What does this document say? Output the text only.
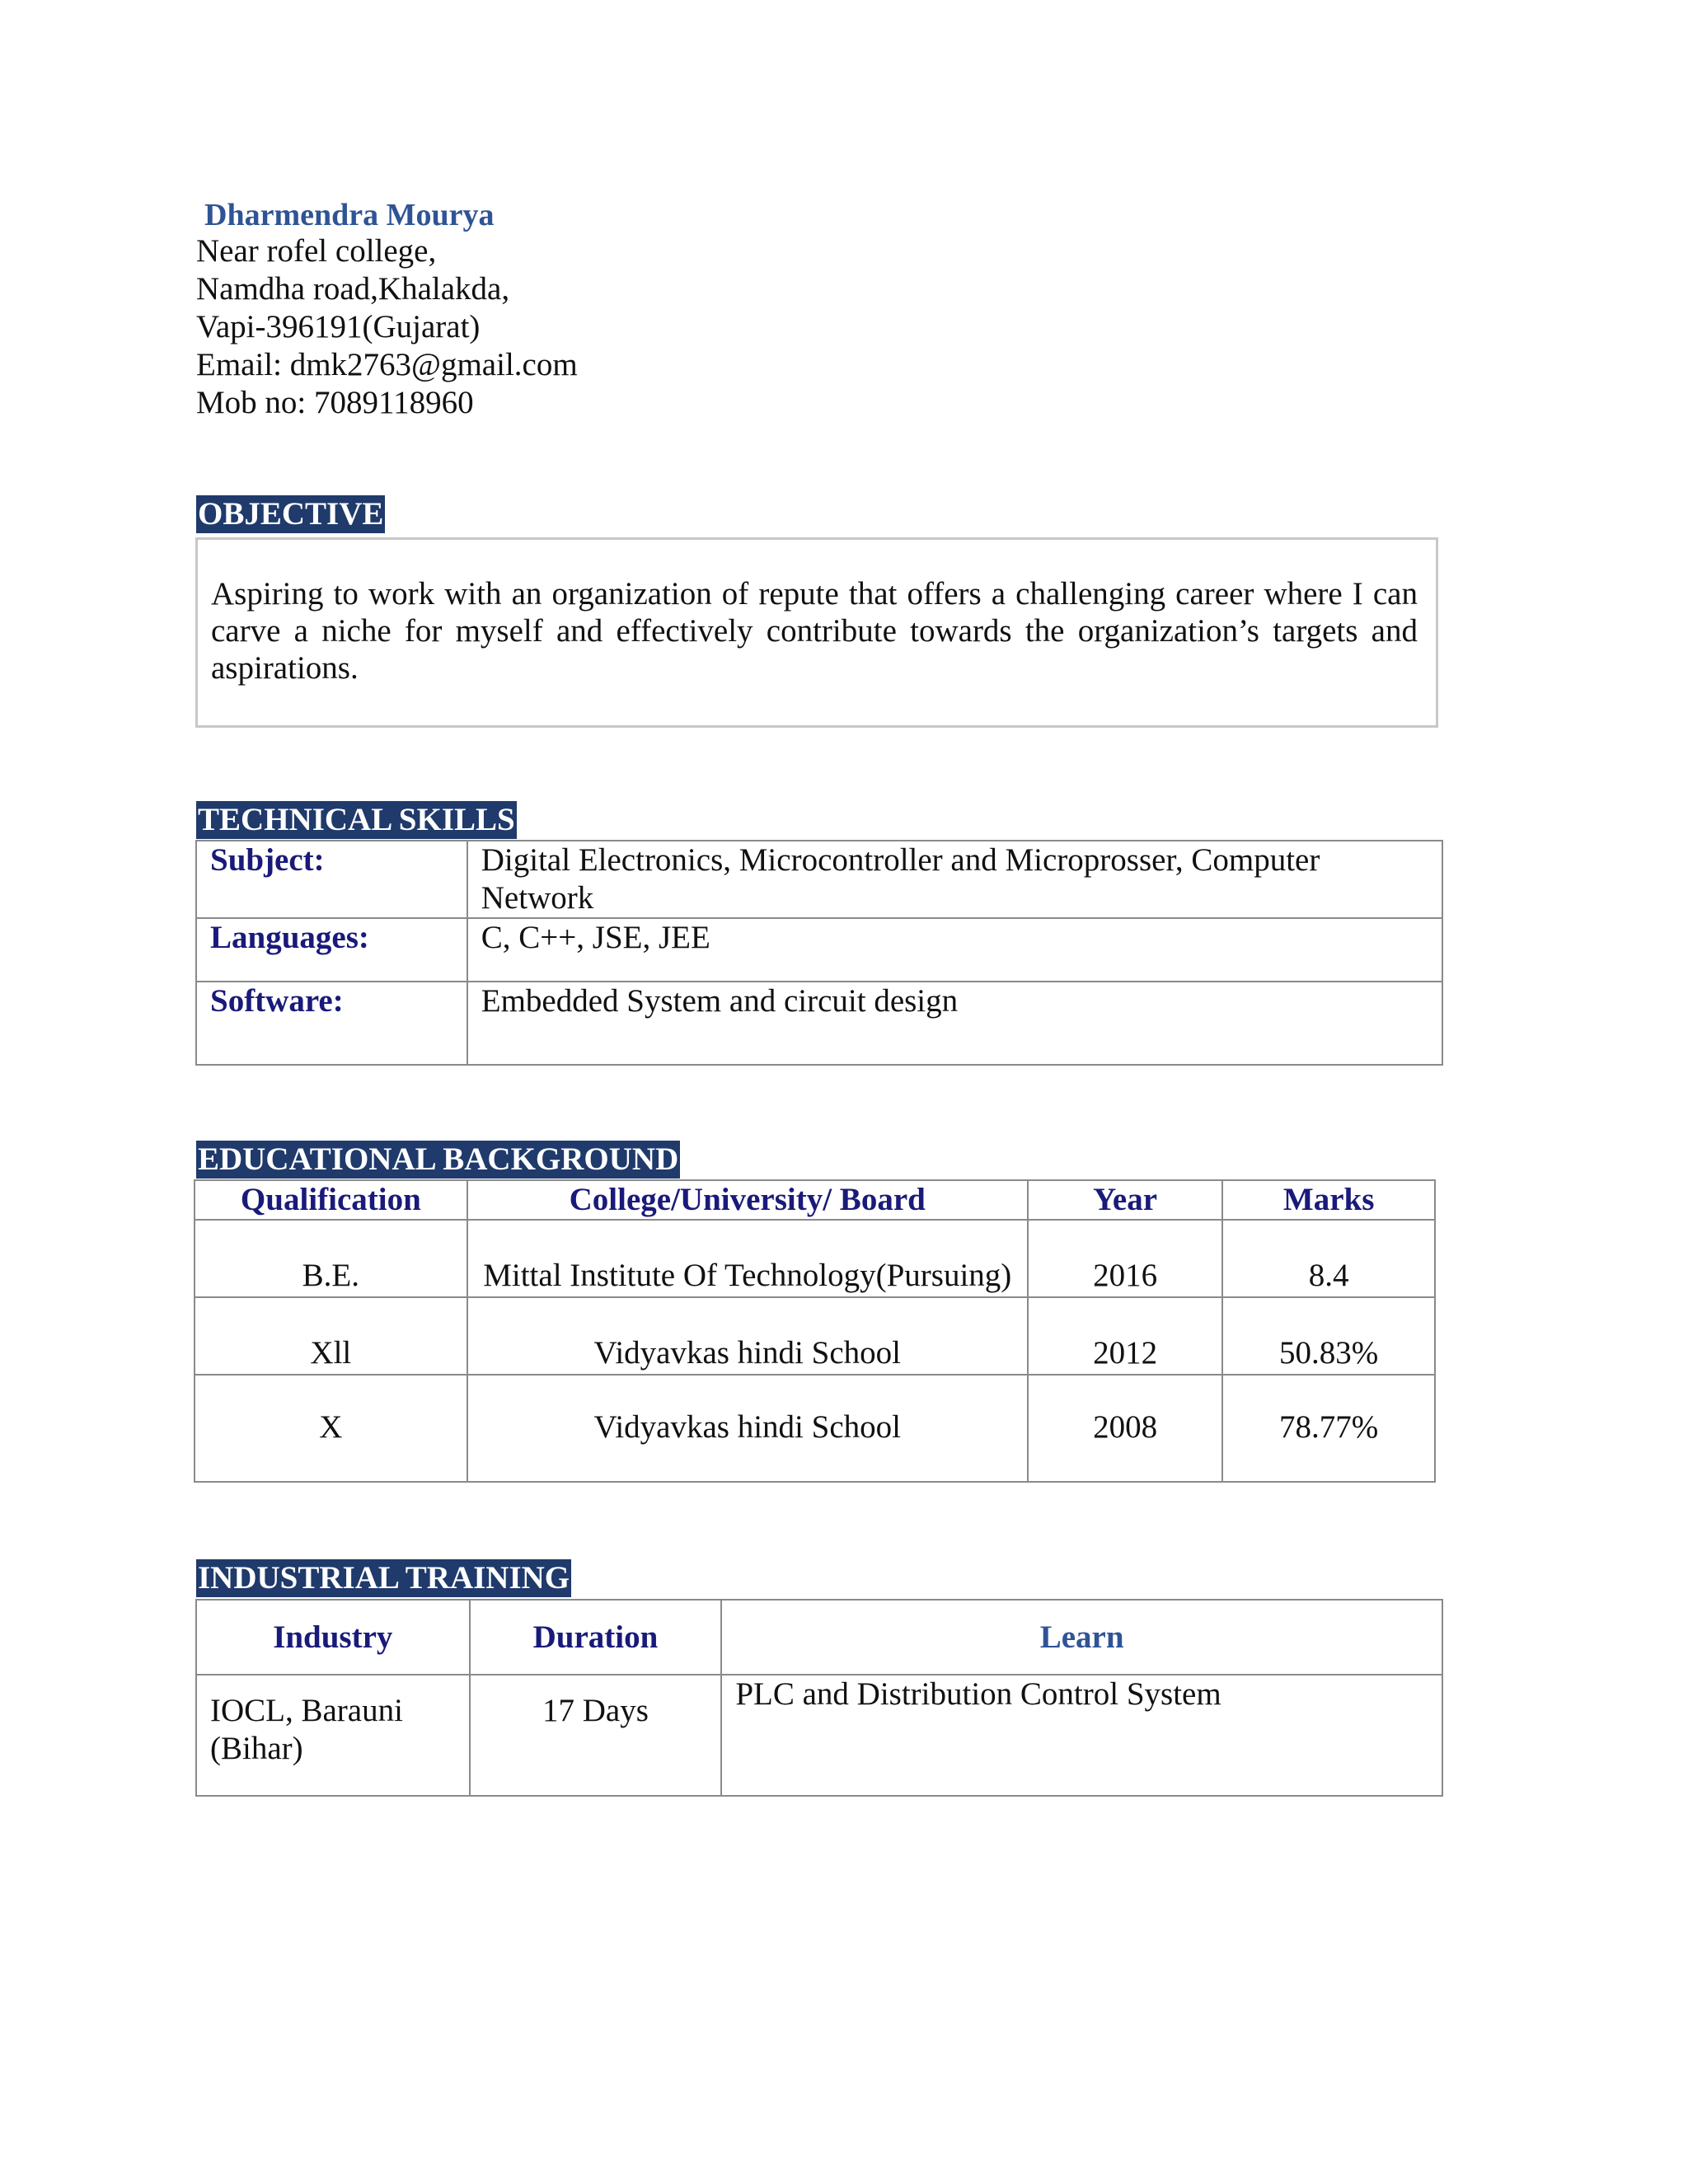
Dharmendra Mourya
Near rofel college,
Namdha road,Khalakda,
Vapi-396191(Gujarat)
Email: dmk2763@gmail.com
Mob no: 7089118960
OBJECTIVE
Aspiring to work with an organization of repute that offers a challenging career where I can carve a niche for myself and effectively contribute towards the organization’s targets and aspirations.
TECHNICAL SKILLS
Subject:	Digital Electronics, Microcontroller and Microprosser, Computer
Network

Languages:	C, C++, JSE, JEE
Software:	Embedded System and circuit design
EDUCATIONAL BACKGROUND
Qualification	College/University/ Board	Year	Marks
B.E.	Mittal Institute Of Technology(Pursuing)	2016	8.4
Xll	Vidyavkas hindi School	2012	50.83%
X	Vidyavkas hindi School	2008	78.77%
INDUSTRIAL TRAINING
Industry	Duration	Learn

IOCL, Barauni
(Bihar)	17 Days	PLC and Distribution Control System
